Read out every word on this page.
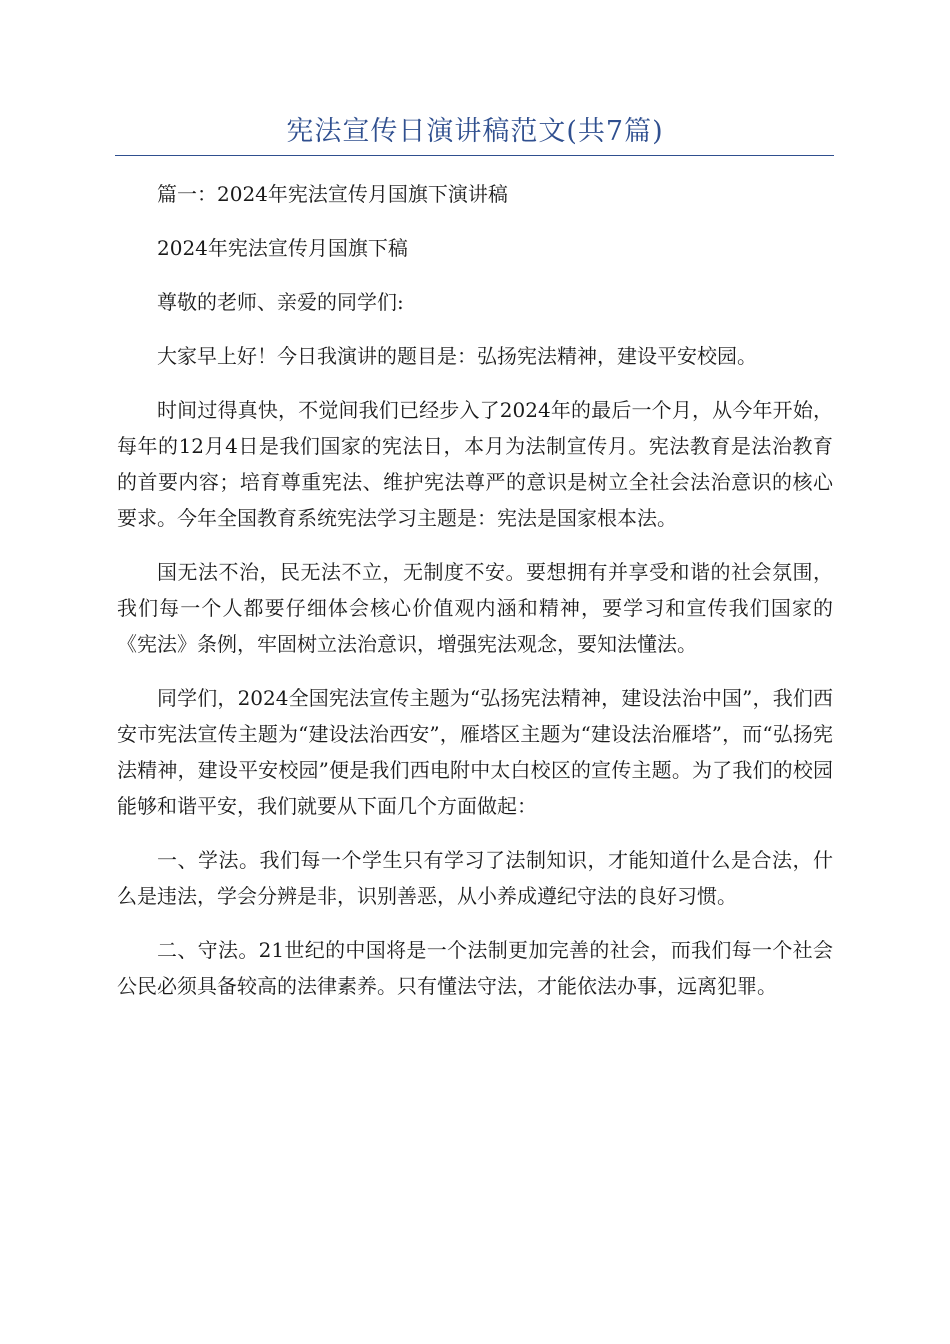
宪法宣传日演讲稿范文(共7篇)

篇一：2024年宪法宣传月国旗下演讲稿

2024年宪法宣传月国旗下稿

尊敬的老师、亲爱的同学们:

大家早上好！今日我演讲的题目是：弘扬宪法精神，建设平安校园。

时间过得真快，不觉间我们已经步入了2024年的最后一个月，从今年开始，每年的12月4日是我们国家的宪法日，本月为法制宣传月。宪法教育是法治教育的首要内容；培育尊重宪法、维护宪法尊严的意识是树立全社会法治意识的核心要求。今年全国教育系统宪法学习主题是：宪法是国家根本法。

国无法不治，民无法不立，无制度不安。要想拥有并享受和谐的社会氛围，我们每一个人都要仔细体会核心价值观内涵和精神，要学习和宣传我们国家的《宪法》条例，牢固树立法治意识，增强宪法观念，要知法懂法。

同学们，2024全国宪法宣传主题为“弘扬宪法精神，建设法治中国”，我们西安市宪法宣传主题为“建设法治西安”，雁塔区主题为“建设法治雁塔”，而“弘扬宪法精神，建设平安校园”便是我们西电附中太白校区的宣传主题。为了我们的校园能够和谐平安，我们就要从下面几个方面做起：

一、学法。我们每一个学生只有学习了法制知识，才能知道什么是合法，什么是违法，学会分辨是非，识别善恶，从小养成遵纪守法的良好习惯。

二、守法。21世纪的中国将是一个法制更加完善的社会，而我们每一个社会公民必须具备较高的法律素养。只有懂法守法，才能依法办事，远离犯罪。
